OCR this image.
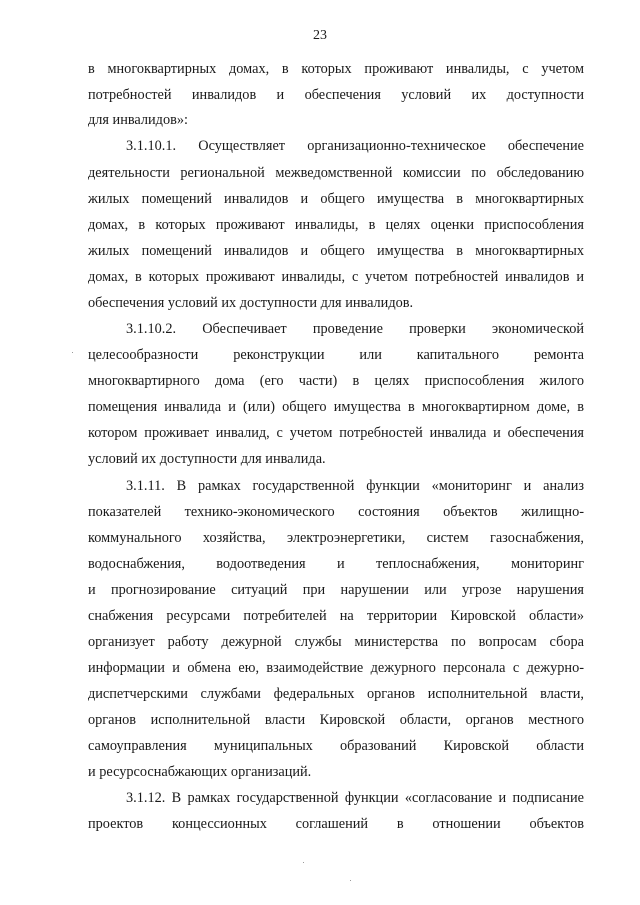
23
в многоквартирных домах, в которых проживают инвалиды, с учетом
потребностей инвалидов и обеспечения условий их доступности
для инвалидов»:
3.1.10.1. Осуществляет организационно-техническое обеспечение
деятельности региональной межведомственной комиссии по обследованию
жилых помещений инвалидов и общего имущества в многоквартирных
домах, в которых проживают инвалиды, в целях оценки приспособления
жилых помещений инвалидов и общего имущества в многоквартирных
домах, в которых проживают инвалиды, с учетом потребностей инвалидов и
обеспечения условий их доступности для инвалидов.
3.1.10.2. Обеспечивает проведение проверки экономической
целесообразности реконструкции или капитального ремонта
многоквартирного дома (его части) в целях приспособления жилого
помещения инвалида и (или) общего имущества в многоквартирном доме, в
котором проживает инвалид, с учетом потребностей инвалида и обеспечения
условий их доступности для инвалида.
3.1.11. В рамках государственной функции «мониторинг и анализ
показателей технико-экономического состояния объектов жилищно-
коммунального хозяйства, электроэнергетики, систем газоснабжения,
водоснабжения, водоотведения и теплоснабжения, мониторинг
и прогнозирование ситуаций при нарушении или угрозе нарушения
снабжения ресурсами потребителей на территории Кировской области»
организует работу дежурной службы министерства по вопросам сбора
информации и обмена ею, взаимодействие дежурного персонала с дежурно-
диспетчерскими службами федеральных органов исполнительной власти,
органов исполнительной власти Кировской области, органов местного
самоуправления муниципальных образований Кировской области
и ресурсоснабжающих организаций.
3.1.12. В рамках государственной функции «согласование и подписание
проектов концессионных соглашений в отношении объектов
